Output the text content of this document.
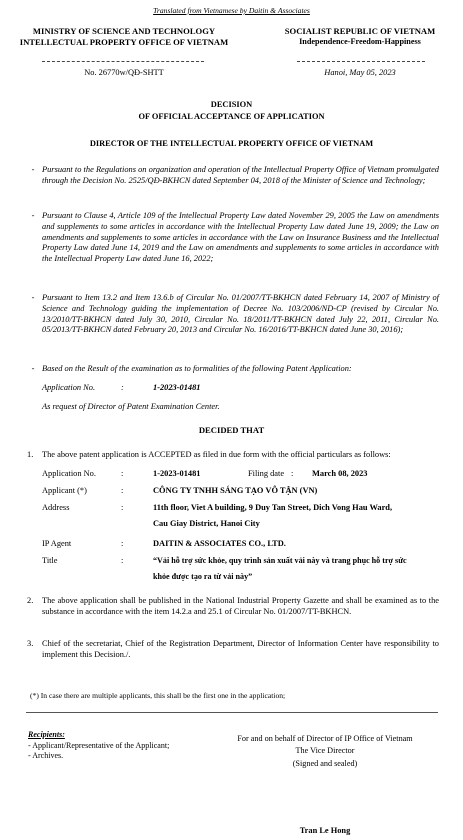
Translated from Vietnamese by Daitin & Associates
MINISTRY OF SCIENCE AND TECHNOLOGY
INTELLECTUAL PROPERTY OFFICE OF VIETNAM
No. 26770w/QĐ-SHTT
SOCIALIST REPUBLIC OF VIETNAM
Independence-Freedom-Happiness
Hanoi, May 05, 2023
DECISION
OF OFFICIAL ACCEPTANCE OF APPLICATION
DIRECTOR OF THE INTELLECTUAL PROPERTY OFFICE OF VIETNAM
- Pursuant to the Regulations on organization and operation of the Intellectual Property Office of Vietnam promulgated through the Decision No. 2525/QĐ-BKHCN dated September 04, 2018 of the Minister of Science and Technology;
- Pursuant to Clause 4, Article 109 of the Intellectual Property Law dated November 29, 2005 the Law on amendments and supplements to some articles in accordance with the Intellectual Property Law dated June 19, 2009; the Law on amendments and supplements to some articles in accordance with the Law on Insurance Business and the Intellectual Property Law dated June 14, 2019 and the Law on amendments and supplements to some articles in accordance with the Intellectual Property Law dated June 16, 2022;
- Pursuant to Item 13.2 and Item 13.6.b of Circular No. 01/2007/TT-BKHCN dated February 14, 2007 of Ministry of Science and Technology guiding the implementation of Decree No. 103/2006/ND-CP (revised by Circular No. 13/2010/TT-BKHCN dated July 30, 2010, Circular No. 18/2011/TT-BKHCN dated July 22, 2011, Circular No. 05/2013/TT-BKHCN dated February 20, 2013 and Circular No. 16/2016/TT-BKHCN dated June 30, 2016);
- Based on the Result of the examination as to formalities of the following Patent Application:
Application No.	:	1-2023-01481
As request of Director of Patent Examination Center.
DECIDED THAT
1. The above patent application is ACCEPTED as filed in due form with the official particulars as follows:
Application No.	:	1-2023-01481	Filing date : March 08, 2023
Applicant (*)	:	CÔNG TY TNHH SÁNG TẠO VÔ TẬN (VN)
Address	:	11th floor, Viet A building, 9 Duy Tan Street, Dich Vong Hau Ward,
Cau Giay District, Hanoi City
IP Agent	:	DAITIN & ASSOCIATES CO., LTD.
Title	:	“Vải hỗ trợ sức khỏe, quy trình sản xuất vải này và trang phục hỗ trợ sức
khỏe được tạo ra từ vải này”
2. The above application shall be published in the National Industrial Property Gazette and shall be examined as to the substance in accordance with the item 14.2.a and 25.1 of Circular No. 01/2007/TT-BKHCN.
3. Chief of the secretariat, Chief of the Registration Department, Director of Information Center have responsibility to implement this Decision./.
(*) In case there are multiple applicants, this shall be the first one in the application;
Recipients:
- Applicant/Representative of the Applicant;
- Archives.
For and on behalf of Director of IP Office of Vietnam
The Vice Director
(Signed and sealed)
Tran Le Hong
